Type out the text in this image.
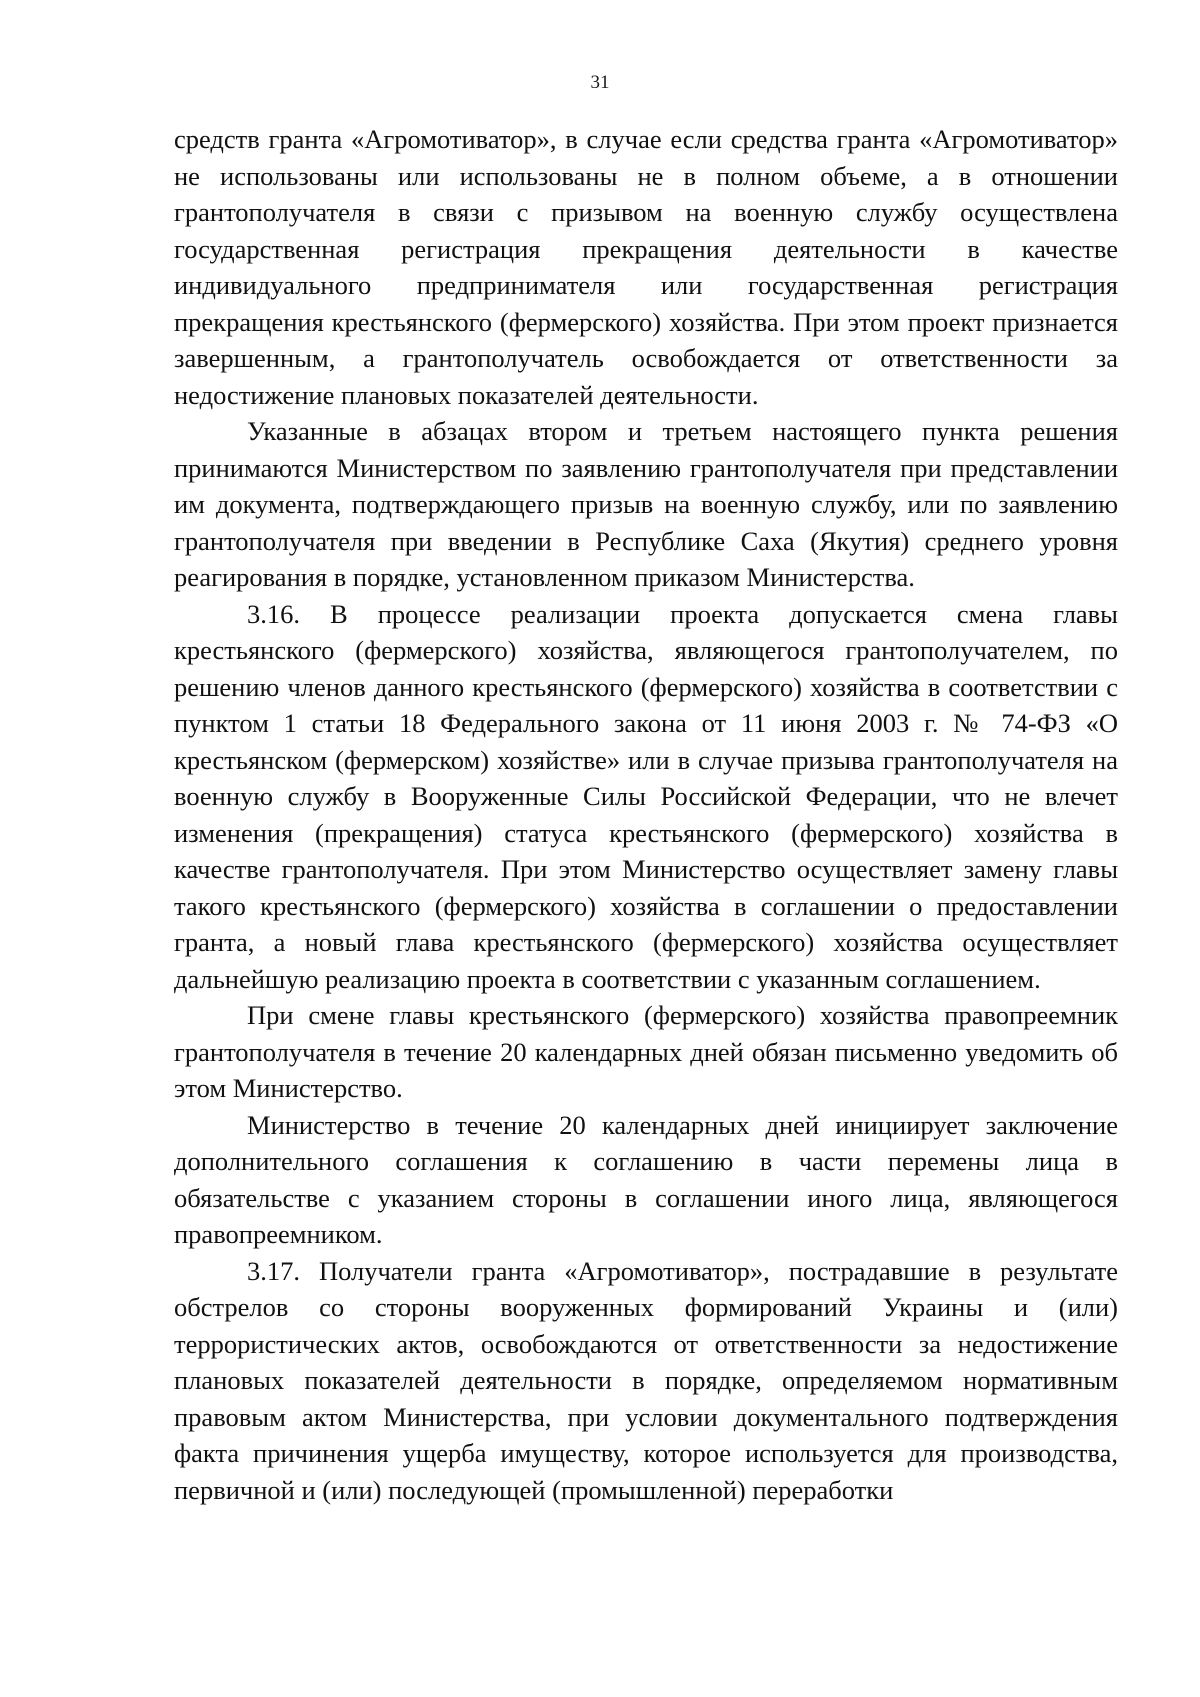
31

средств гранта «Агромотиватор», в случае если средства гранта «Агромотиватор» не использованы или использованы не в полном объеме, а в отношении грантополучателя в связи с призывом на военную службу осуществлена государственная регистрация прекращения деятельности в качестве индивидуального предпринимателя или государственная регистрация прекращения крестьянского (фермерского) хозяйства. При этом проект признается завершенным, а грантополучатель освобождается от ответственности за недостижение плановых показателей деятельности.

Указанные в абзацах втором и третьем настоящего пункта решения принимаются Министерством по заявлению грантополучателя при представлении им документа, подтверждающего призыв на военную службу, или по заявлению грантополучателя при введении в Республике Саха (Якутия) среднего уровня реагирования в порядке, установленном приказом Министерства.

3.16. В процессе реализации проекта допускается смена главы крестьянского (фермерского) хозяйства, являющегося грантополучателем, по решению членов данного крестьянского (фермерского) хозяйства в соответствии с пунктом 1 статьи 18 Федерального закона от 11 июня 2003 г. № 74-ФЗ «О крестьянском (фермерском) хозяйстве» или в случае призыва грантополучателя на военную службу в Вооруженные Силы Российской Федерации, что не влечет изменения (прекращения) статуса крестьянского (фермерского) хозяйства в качестве грантополучателя. При этом Министерство осуществляет замену главы такого крестьянского (фермерского) хозяйства в соглашении о предоставлении гранта, а новый глава крестьянского (фермерского) хозяйства осуществляет дальнейшую реализацию проекта в соответствии с указанным соглашением.

При смене главы крестьянского (фермерского) хозяйства правопреемник грантополучателя в течение 20 календарных дней обязан письменно уведомить об этом Министерство.

Министерство в течение 20 календарных дней инициирует заключение дополнительного соглашения к соглашению в части перемены лица в обязательстве с указанием стороны в соглашении иного лица, являющегося правопреемником.

3.17. Получатели гранта «Агромотиватор», пострадавшие в результате обстрелов со стороны вооруженных формирований Украины и (или) террористических актов, освобождаются от ответственности за недостижение плановых показателей деятельности в порядке, определяемом нормативным правовым актом Министерства, при условии документального подтверждения факта причинения ущерба имуществу, которое используется для производства, первичной и (или) последующей (промышленной) переработки
